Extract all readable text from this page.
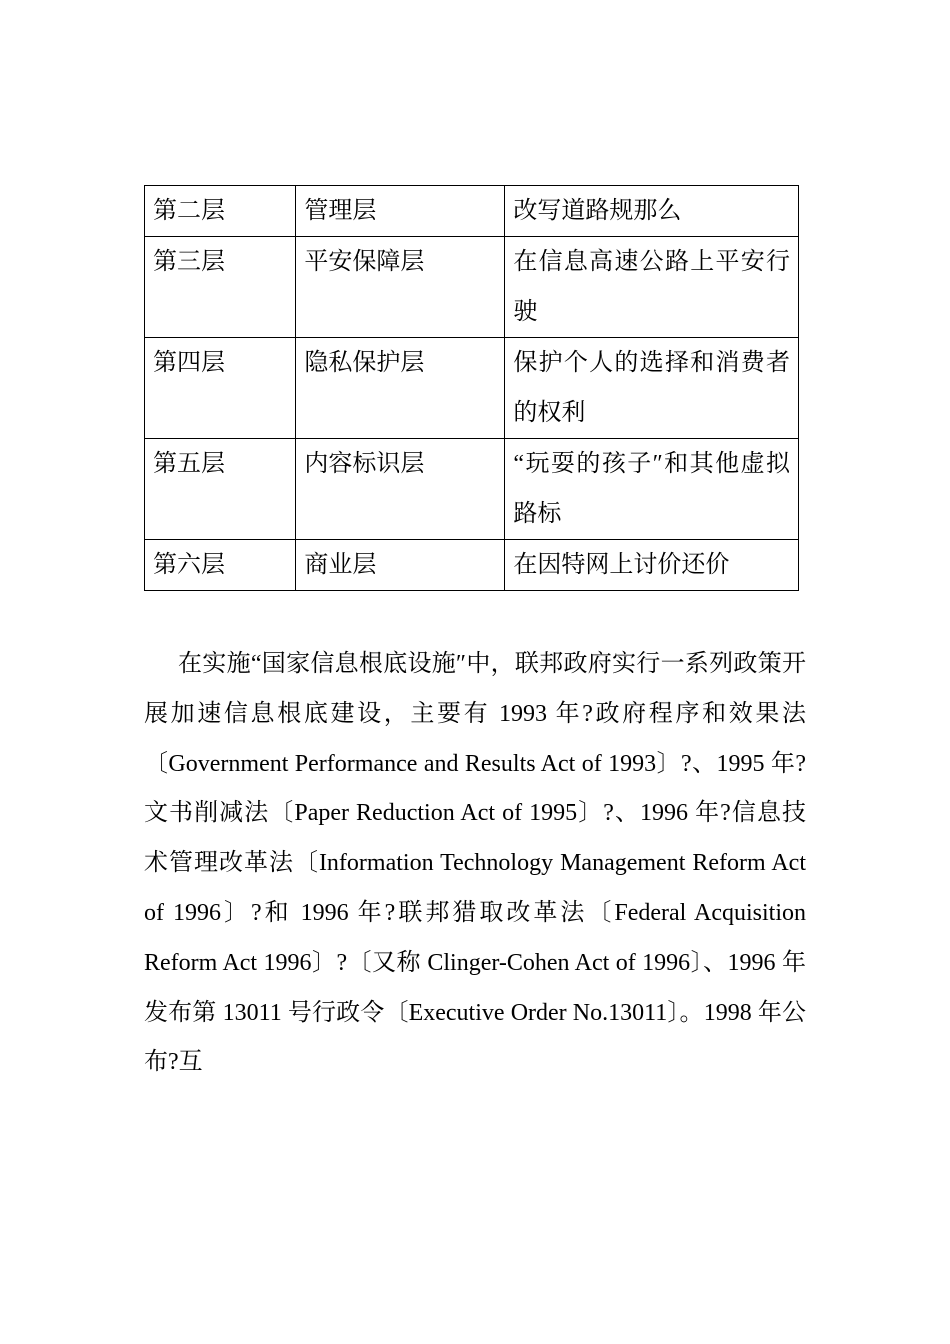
第二层	管理层	改写道路规那么
第三层	平安保障层	在信息高速公路上平安行驶
第四层	隐私保护层	保护个人的选择和消费者的权利
第五层	内容标识层	“玩耍的孩子″和其他虚拟路标
第六层	商业层	在因特网上讨价还价

在实施“国家信息根底设施″中，联邦政府实行一系列政策开展加速信息根底建设，主要有 1993 年?政府程序和效果法〔Government Performance and Results Act of 1993〕?、1995 年?文书削减法〔Paper Reduction Act of 1995〕?、1996 年?信息技术管理改革法〔Information Technology Management Reform Act of 1996〕?和 1996 年?联邦猎取改革法〔Federal Acquisition Reform Act 1996〕?〔又称 Clinger-Cohen Act of 1996〕、1996 年发布第 13011 号行政令〔Executive Order No.13011〕。1998 年公布?互
